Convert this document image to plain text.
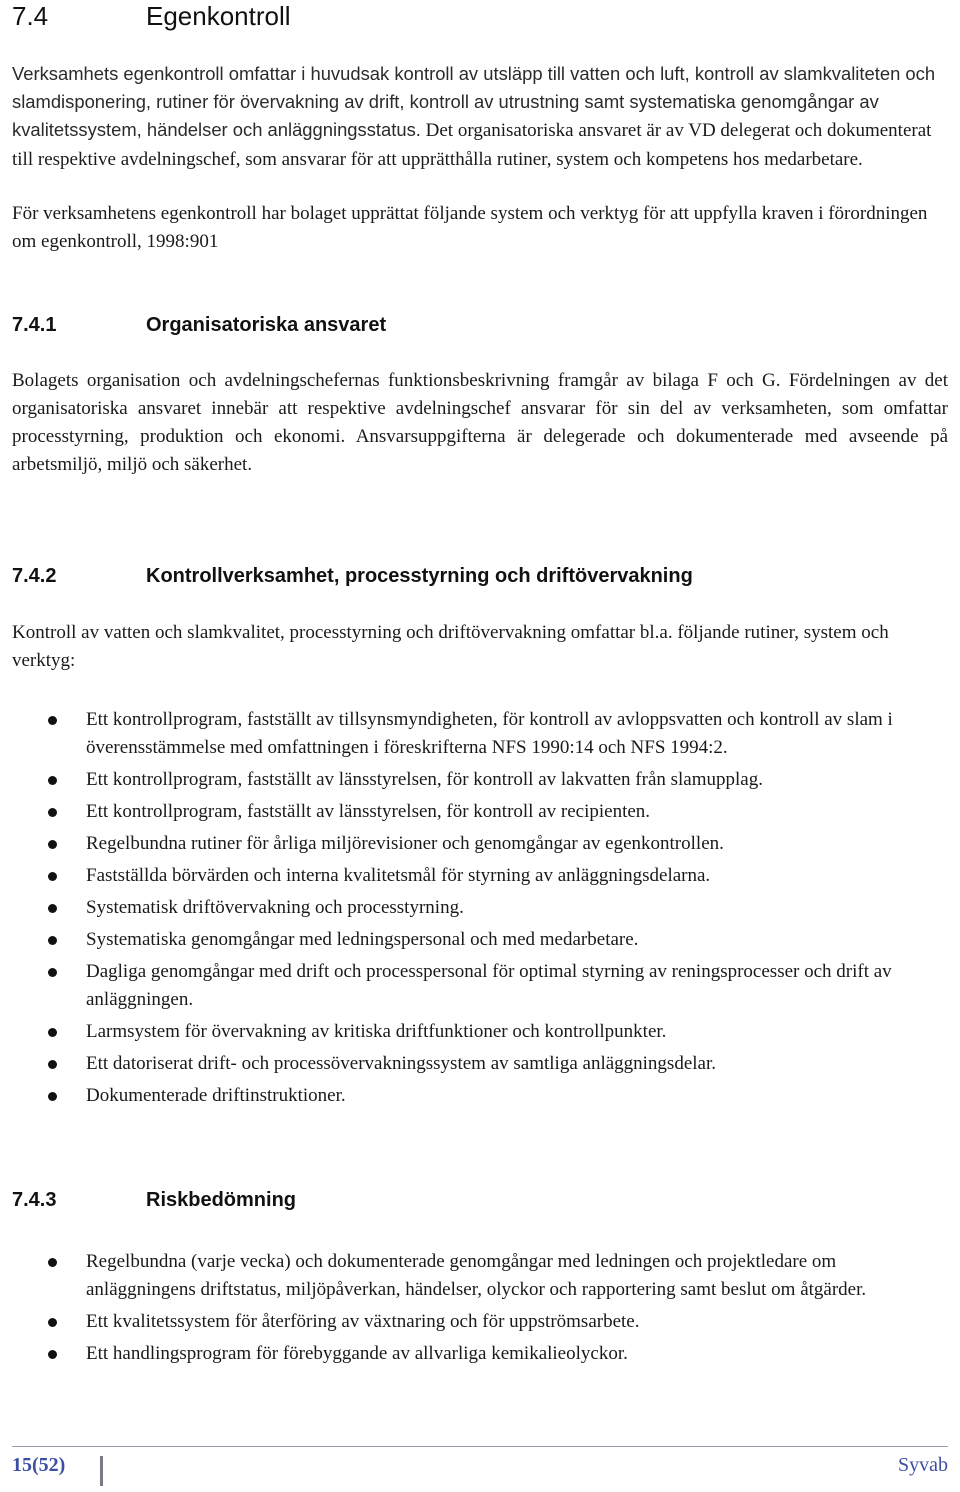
7.4	Egenkontroll

Verksamhets egenkontroll omfattar i huvudsak kontroll av utsläpp till vatten och luft, kontroll av slamkvaliteten och slamdisponering, rutiner för övervakning av drift, kontroll av utrustning samt systematiska genomgångar av kvalitetssystem, händelser och anläggningsstatus. Det organisatoriska ansvaret är av VD delegerat och dokumenterat till respektive avdelningschef, som ansvarar för att upprätthålla rutiner, system och kompetens hos medarbetare.

För verksamhetens egenkontroll har bolaget upprättat följande system och verktyg för att uppfylla kraven i förordningen om egenkontroll, 1998:901

7.4.1	Organisatoriska ansvaret

Bolagets organisation och avdelningschefernas funktionsbeskrivning framgår av bilaga F och G. Fördelningen av det organisatoriska ansvaret innebär att respektive avdelningschef ansvarar för sin del av verksamheten, som omfattar processtyrning, produktion och ekonomi. Ansvarsuppgifterna är delegerade och dokumenterade med avseende på arbetsmiljö, miljö och säkerhet.

7.4.2	Kontrollverksamhet, processtyrning och driftövervakning

Kontroll av vatten och slamkvalitet, processtyrning och driftövervakning omfattar bl.a. följande rutiner, system och verktyg:

Ett kontrollprogram, fastställt av tillsynsmyndigheten, för kontroll av avloppsvatten och kontroll av slam i överensstämmelse med omfattningen i föreskrifterna NFS 1990:14 och NFS 1994:2.
Ett kontrollprogram, fastställt av länsstyrelsen, för kontroll av lakvatten från slamupplag.
Ett kontrollprogram, fastställt av länsstyrelsen, för kontroll av recipienten.
Regelbundna rutiner för årliga miljörevisioner och genomgångar av egenkontrollen.
Fastställda börvärden och interna kvalitetsmål för styrning av anläggningsdelarna.
Systematisk driftövervakning och processtyrning.
Systematiska genomgångar med ledningspersonal och med medarbetare.
Dagliga genomgångar med drift och processpersonal för optimal styrning av reningsprocesser och drift av anläggningen.
Larmsystem för övervakning av kritiska driftfunktioner och kontrollpunkter.
Ett datoriserat drift- och processövervakningssystem av samtliga anläggningsdelar.
Dokumenterade driftinstruktioner.
7.4.3	Riskbedömning
Regelbundna (varje vecka) och dokumenterade genomgångar med ledningen och projektledare om anläggningens driftstatus, miljöpåverkan, händelser, olyckor och rapportering samt beslut om åtgärder.
Ett kvalitetssystem för återföring av växtnaring och för uppströmsarbete.
Ett handlingsprogram för förebyggande av allvarliga kemikalieolyckor.
15(52)	Syvab
